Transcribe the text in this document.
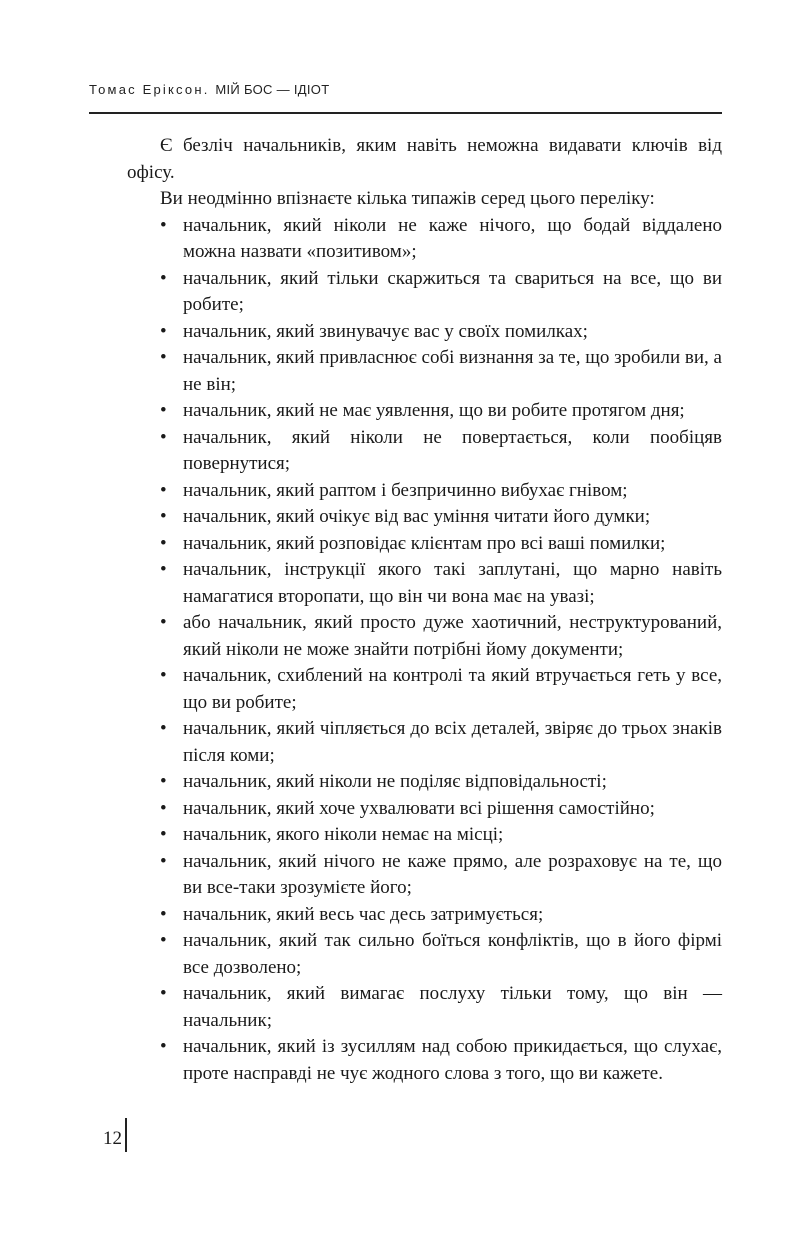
Томас Еріксон. МІЙ БОС — ІДІОТ

Є безліч начальників, яким навіть неможна видавати ключів від офісу.

Ви неодмінно впізнаєте кілька типажів серед цього переліку:

• начальник, який ніколи не каже нічого, що бодай віддалено можна назвати «позитивом»;
• начальник, який тільки скаржиться та свариться на все, що ви робите;
• начальник, який звинувачує вас у своїх помилках;
• начальник, який привласнює собі визнання за те, що зробили ви, а не він;
• начальник, який не має уявлення, що ви робите протягом дня;
• начальник, який ніколи не повертається, коли пообіцяв повернутися;
• начальник, який раптом і безпричинно вибухає гнівом;
• начальник, який очікує від вас уміння читати його думки;
• начальник, який розповідає клієнтам про всі ваші помилки;
• начальник, інструкції якого такі заплутані, що марно навіть намагатися второпати, що він чи вона має на увазі;
• або начальник, який просто дуже хаотичний, неструктурований, який ніколи не може знайти потрібні йому документи;
• начальник, схиблений на контролі та який втручається геть у все, що ви робите;
• начальник, який чіпляється до всіх деталей, звіряє до трьох знаків після коми;
• начальник, який ніколи не поділяє відповідальності;
• начальник, який хоче ухвалювати всі рішення самостійно;
• начальник, якого ніколи немає на місці;
• начальник, який нічого не каже прямо, але розраховує на те, що ви все-таки зрозумієте його;
• начальник, який весь час десь затримується;
• начальник, який так сильно боїться конфліктів, що в його фірмі все дозволено;
• начальник, який вимагає послуху тільки тому, що він — начальник;
• начальник, який із зусиллям над собою прикидається, що слухає, проте насправді не чує жодного слова з того, що ви кажете.
12
